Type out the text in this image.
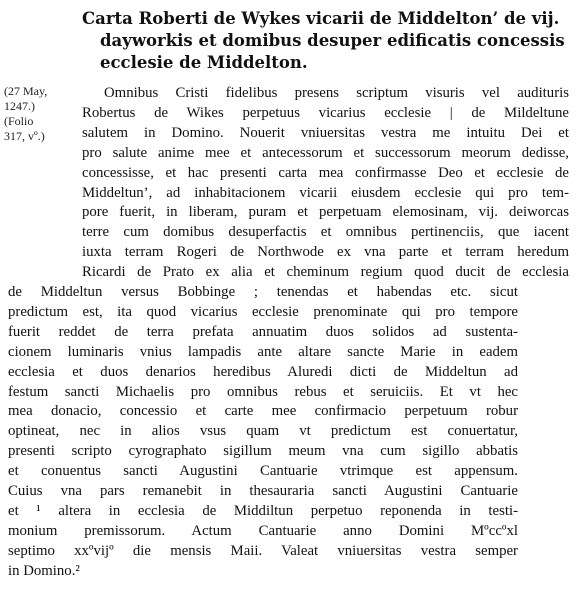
Carta Roberti de Wykes vicarii de Middelton’ de vij.
dayworkis et domibus desuper edificatis concessis
ecclesie de Middelton.
(27 May,
1247.)
(Folio
317, vº.)
Omnibus Cristi fidelibus presens scriptum visuris vel audituris
Robertus de Wikes perpetuus vicarius ecclesie | de Mildeltune
salutem in Domino. Nouerit vniuersitas vestra me intuitu Dei et
pro salute anime mee et antecessorum et successorum meorum dedisse,
concessisse, et hac presenti carta mea confirmasse Deo et ecclesie de
Middeltun’, ad inhabitacionem vicarii eiusdem ecclesie qui pro tem-
pore fuerit, in liberam, puram et perpetuam elemosinam, vij. deiworcas
terre cum domibus desuperfactis et omnibus pertinenciis, que iacent
iuxta terram Rogeri de Northwode ex vna parte et terram heredum
Ricardi de Prato ex alia et cheminum regium quod ducit de ecclesia
de Middeltun versus Bobbinge ; tenendas et habendas etc. sicut
predictum est, ita quod vicarius ecclesie prenominate qui pro tempore
fuerit reddet de terra prefata annuatim duos solidos ad sustenta-
cionem luminaris vnius lampadis ante altare sancte Marie in eadem
ecclesia et duos denarios heredibus Aluredi dicti de Middeltun ad
festum sancti Michaelis pro omnibus rebus et seruiciis. Et vt hec
mea donacio, concessio et carte mee confirmacio perpetuum robur
optineat, nec in alios vsus quam vt predictum est conuertatur,
presenti scripto cyrographato sigillum meum vna cum sigillo abbatis
et conuentus sancti Augustini Cantuarie vtrimque est appensum.
Cuius vna pars remanebit in thesauraria sancti Augustini Cantuarie
et ¹ altera in ecclesia de Middiltun perpetuo reponenda in testi-
monium premissorum. Actum Cantuarie anno Domini Mºccºxl
septimo xxºvijº die mensis Maii. Valeat vniuersitas vestra semper
in Domino.²
